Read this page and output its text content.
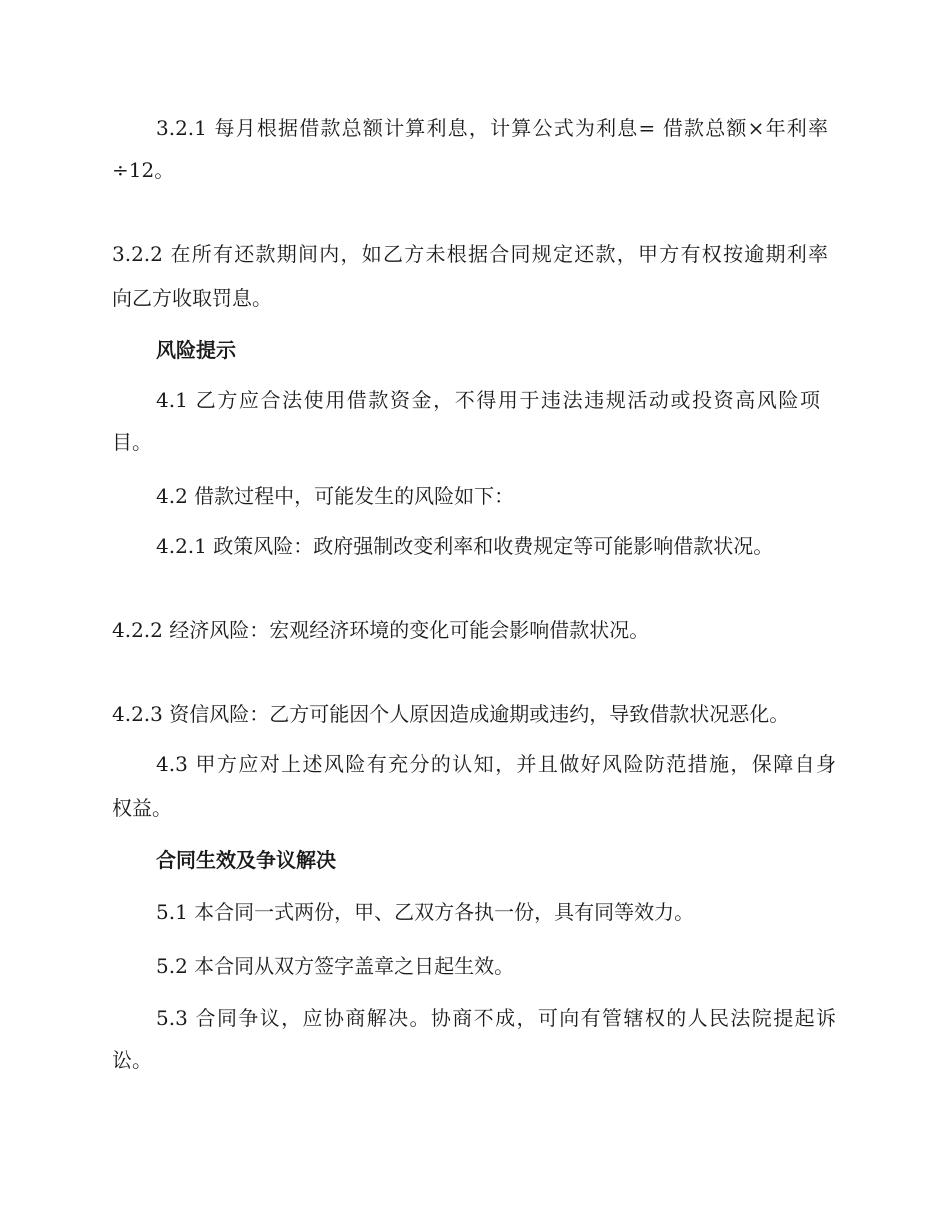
3.2.1 每月根据借款总额计算利息，计算公式为利息= 借款总额×年利率

÷12。

3.2.2 在所有还款期间内，如乙方未根据合同规定还款，甲方有权按逾期利率

向乙方收取罚息。

风险提示

4.1 乙方应合法使用借款资金，不得用于违法违规活动或投资高风险项

目。

4.2 借款过程中，可能发生的风险如下：

4.2.1 政策风险：政府强制改变利率和收费规定等可能影响借款状况。

4.2.2 经济风险：宏观经济环境的变化可能会影响借款状况。

4.2.3 资信风险：乙方可能因个人原因造成逾期或违约，导致借款状况恶化。

4.3 甲方应对上述风险有充分的认知，并且做好风险防范措施，保障自身

权益。

合同生效及争议解决

5.1 本合同一式两份，甲、乙双方各执一份，具有同等效力。

5.2 本合同从双方签字盖章之日起生效。

5.3 合同争议，应协商解决。协商不成，可向有管辖权的人民法院提起诉

讼。
